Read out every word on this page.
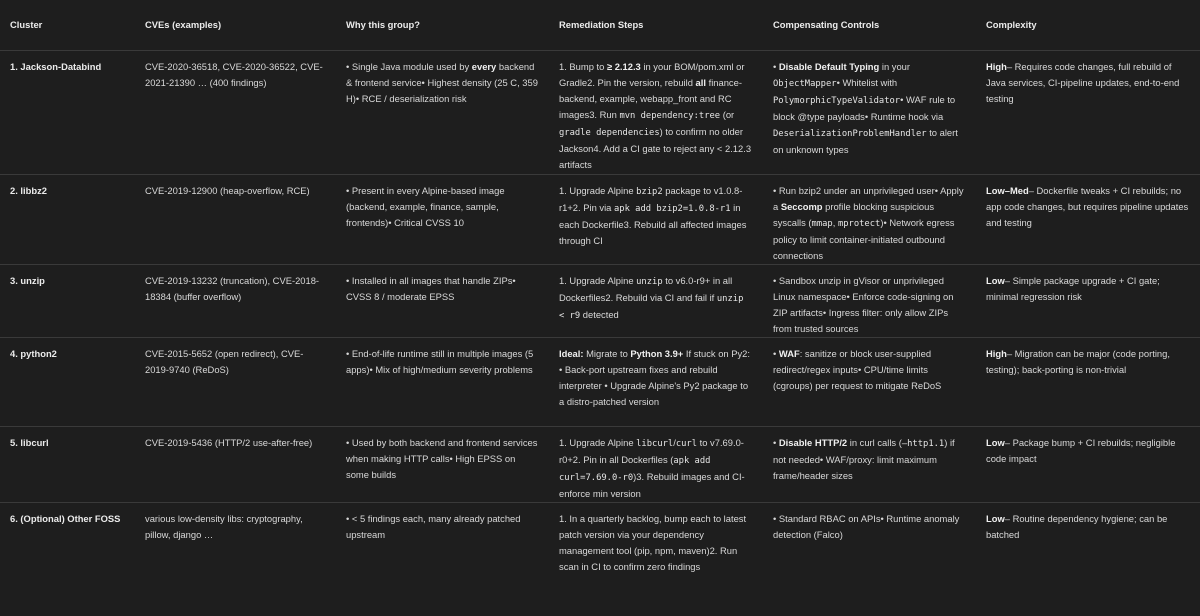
Cluster	CVEs (examples)	Why this group?	Remediation Steps	Compensating Controls	Complexity
1. Jackson-Databind	CVE-2020-36518, CVE-2020-36522, CVE-2021-21390 … (400 findings)	• Single Java module used by every backend & frontend service• Highest density (25 C, 359 H)• RCE / deserialization risk	1. Bump to ≥ 2.12.3 in your BOM/pom.xml or Gradle2. Pin the version, rebuild all finance-backend, example, webapp_front and RC images3. Run mvn dependency:tree (or gradle dependencies) to confirm no older Jackson4. Add a CI gate to reject any < 2.12.3 artifacts	• Disable Default Typing in your ObjectMapper• Whitelist with PolymorphicTypeValidator• WAF rule to block @type payloads• Runtime hook via DeserializationProblemHandler to alert on unknown types	High– Requires code changes, full rebuild of Java services, CI-pipeline updates, end-to-end testing
2. libbz2	CVE-2019-12900 (heap-overflow, RCE)	• Present in every Alpine-based image (backend, example, finance, sample, frontends)• Critical CVSS 10	1. Upgrade Alpine bzip2 package to v1.0.8-r1+2. Pin via apk add bzip2=1.0.8-r1 in each Dockerfile3. Rebuild all affected images through CI	• Run bzip2 under an unprivileged user• Apply a Seccomp profile blocking suspicious syscalls (mmap, mprotect)• Network egress policy to limit container-initiated outbound connections	Low–Med– Dockerfile tweaks + CI rebuilds; no app code changes, but requires pipeline updates and testing
3. unzip	CVE-2019-13232 (truncation), CVE-2018-18384 (buffer overflow)	• Installed in all images that handle ZIPs• CVSS 8 / moderate EPSS	1. Upgrade Alpine unzip to v6.0-r9+ in all Dockerfiles2. Rebuild via CI and fail if unzip < r9 detected	• Sandbox unzip in gVisor or unprivileged Linux namespace• Enforce code-signing on ZIP artifacts• Ingress filter: only allow ZIPs from trusted sources	Low– Simple package upgrade + CI gate; minimal regression risk
4. python2	CVE-2015-5652 (open redirect), CVE-2019-9740 (ReDoS)	• End-of-life runtime still in multiple images (5 apps)• Mix of high/medium severity problems	Ideal: Migrate to Python 3.9+ If stuck on Py2: • Back-port upstream fixes and rebuild interpreter • Upgrade Alpine's Py2 package to a distro-patched version	• WAF: sanitize or block user-supplied redirect/regex inputs• CPU/time limits (cgroups) per request to mitigate ReDoS	High– Migration can be major (code porting, testing); back-porting is non-trivial
5. libcurl	CVE-2019-5436 (HTTP/2 use-after-free)	• Used by both backend and frontend services when making HTTP calls• High EPSS on some builds	1. Upgrade Alpine libcurl/curl to v7.69.0-r0+2. Pin in all Dockerfiles (apk add curl=7.69.0-r0)3. Rebuild images and CI-enforce min version	• Disable HTTP/2 in curl calls (—http1.1) if not needed• WAF/proxy: limit maximum frame/header sizes	Low– Package bump + CI rebuilds; negligible code impact
6. (Optional) Other FOSS	various low-density libs: cryptography, pillow, django …	• < 5 findings each, many already patched upstream	1. In a quarterly backlog, bump each to latest patch version via your dependency management tool (pip, npm, maven)2. Run scan in CI to confirm zero findings	• Standard RBAC on APIs• Runtime anomaly detection (Falco)	Low– Routine dependency hygiene; can be batched
